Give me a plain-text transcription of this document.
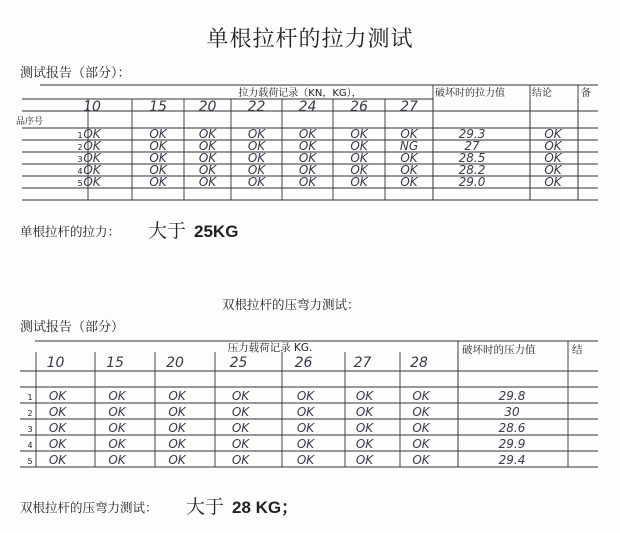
单根拉杆的拉力测试
测试报告（部分）：
拉力载荷记录（KN，KG），	破坏时的拉力值	结论	备
品序号
10	15 20 22 24 26 27
1 OK	OK	OK	OK	OK	OK	OK	29.3	OK
2 OK	OK	OK	OK	OK	OK	NG	27	OK
3 OK	OK	OK	OK	OK	OK	OK	28.5	OK
4 OK	OK	OK	OK	OK	OK	OK	28.2	OK
5 OK	OK	OK	OK	OK	OK	OK	29.0	OK
单根拉杆的拉力： 大于 25KG
双根拉杆的压弯力测试：
测试报告（部分）
压力载荷记录 KG.	破坏时的压力值	结
10	15	20	25	26	27	28
1 OK	OK	OK	OK	OK	OK	OK	29.8
2 OK	OK	OK	OK	OK	OK	OK	30
3 OK	OK	OK	OK	OK	OK	OK	28.6
4 OK	OK	OK	OK	OK	OK	OK	29.9
5 OK	OK	OK	OK	OK	OK	OK	29.4
双根拉杆的压弯力测试： 大于 28 KG；
